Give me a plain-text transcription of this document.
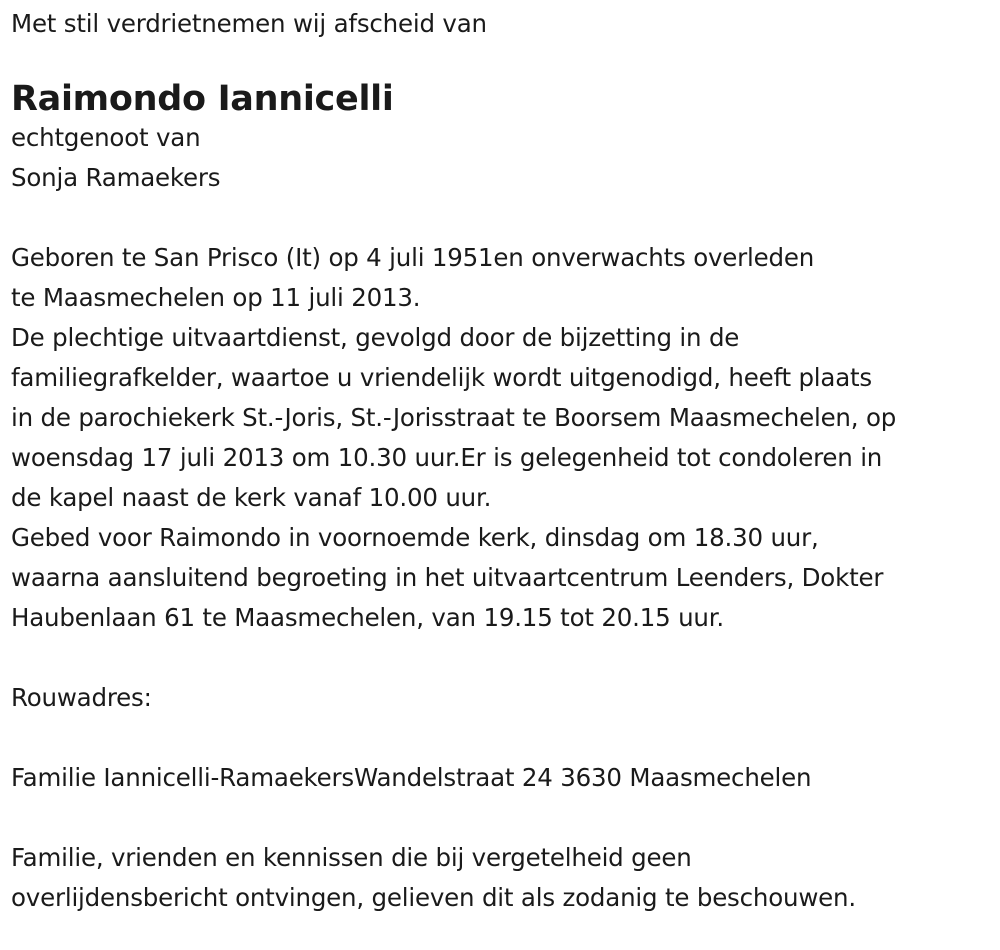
Met stil verdrietnemen wij afscheid van
Raimondo Iannicelli
echtgenoot van
Sonja Ramaekers
Geboren te San Prisco (It) op 4 juli 1951en onverwachts overleden
te Maasmechelen op 11 juli 2013.
De plechtige uitvaartdienst, gevolgd door de bijzetting in de
familiegrafkelder, waartoe u vriendelijk wordt uitgenodigd, heeft plaats
in de parochiekerk St.-Joris, St.-Jorisstraat te Boorsem Maasmechelen, op
woensdag 17 juli 2013 om 10.30 uur.Er is gelegenheid tot condoleren in
de kapel naast de kerk vanaf 10.00 uur.
Gebed voor Raimondo in voornoemde kerk, dinsdag om 18.30 uur,
waarna aansluitend begroeting in het uitvaartcentrum Leenders, Dokter
Haubenlaan 61 te Maasmechelen, van 19.15 tot 20.15 uur.
Rouwadres:
Familie Iannicelli-RamaekersWandelstraat 24 3630 Maasmechelen
Familie, vrienden en kennissen die bij vergetelheid geen
overlijdensbericht ontvingen, gelieven dit als zodanig te beschouwen.
